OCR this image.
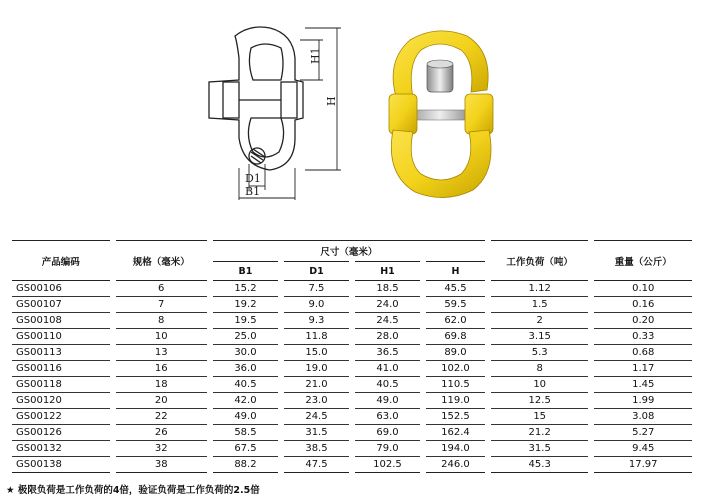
H1
H
D1
B1
产品编码	规格（毫米）	尺寸（毫米）				工作负荷（吨）	重量（公斤）
		B1	D1	H1	H		
GS00106	6	15.2	7.5	18.5	45.5	1.12	0.10
GS00107	7	19.2	9.0	24.0	59.5	1.5	0.16
GS00108	8	19.5	9.3	24.5	62.0	2	0.20
GS00110	10	25.0	11.8	28.0	69.8	3.15	0.33
GS00113	13	30.0	15.0	36.5	89.0	5.3	0.68
GS00116	16	36.0	19.0	41.0	102.0	8	1.17
GS00118	18	40.5	21.0	40.5	110.5	10	1.45
GS00120	20	42.0	23.0	49.0	119.0	12.5	1.99
GS00122	22	49.0	24.5	63.0	152.5	15	3.08
GS00126	26	58.5	31.5	69.0	162.4	21.2	5.27
GS00132	32	67.5	38.5	79.0	194.0	31.5	9.45
GS00138	38	88.2	47.5	102.5	246.0	45.3	17.97
★ 极限负荷是工作负荷的4倍，验证负荷是工作负荷的2.5倍
